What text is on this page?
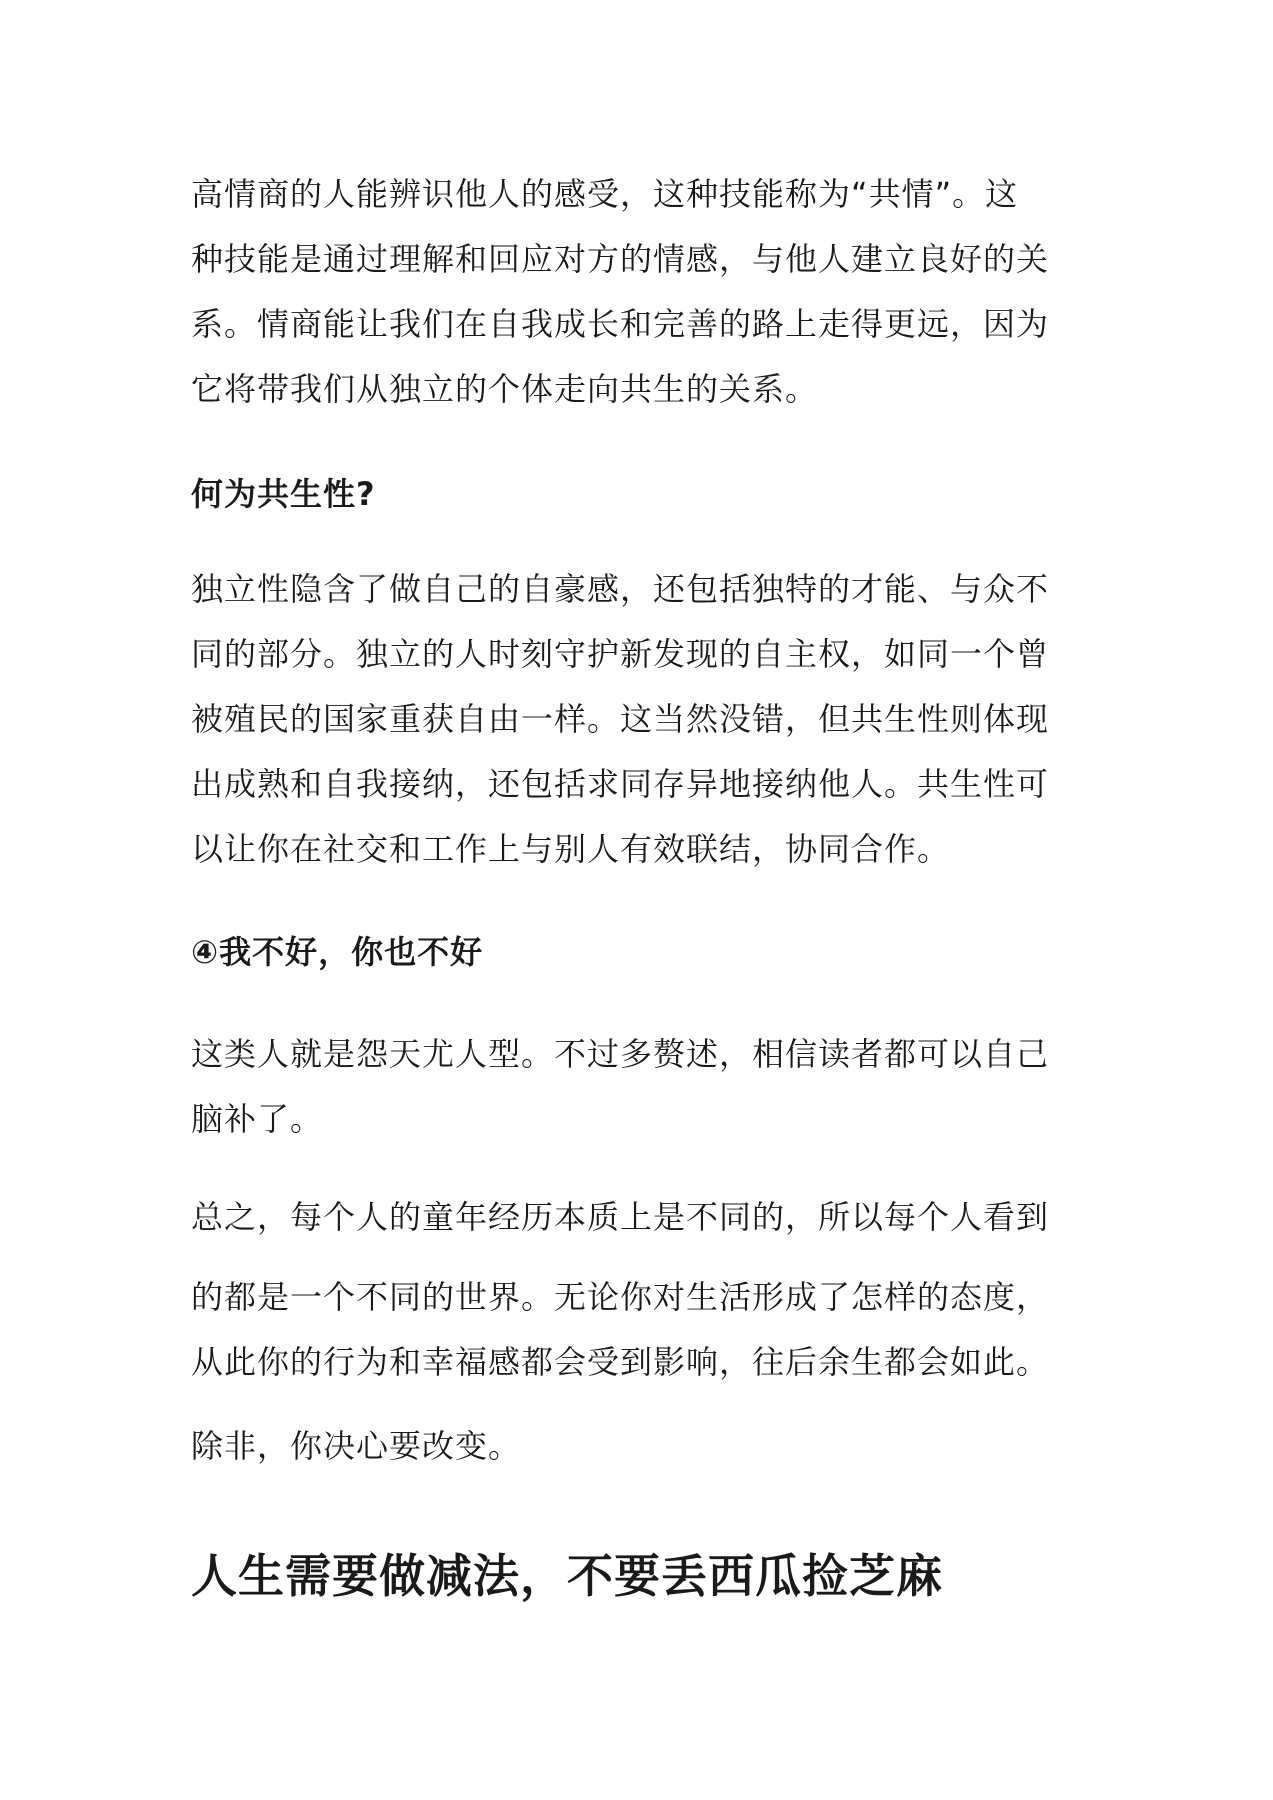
高情商的人能辨识他人的感受，这种技能称为“共情”。这
种技能是通过理解和回应对方的情感，与他人建立良好的关
系。情商能让我们在自我成长和完善的路上走得更远，因为
它将带我们从独立的个体走向共生的关系。

何为共生性?

独立性隐含了做自己的自豪感，还包括独特的才能、与众不
同的部分。独立的人时刻守护新发现的自主权，如同一个曾
被殖民的国家重获自由一样。这当然没错，但共生性则体现
出成熟和自我接纳，还包括求同存异地接纳他人。共生性可
以让你在社交和工作上与别人有效联结，协同合作。

④我不好，你也不好

这类人就是怨天尤人型。不过多赘述，相信读者都可以自己
脑补了。

总之，每个人的童年经历本质上是不同的，所以每个人看到

的都是一个不同的世界。无论你对生活形成了怎样的态度，
从此你的行为和幸福感都会受到影响，往后余生都会如此。

除非，你决心要改变。

人生需要做减法，不要丢西瓜捡芝麻
